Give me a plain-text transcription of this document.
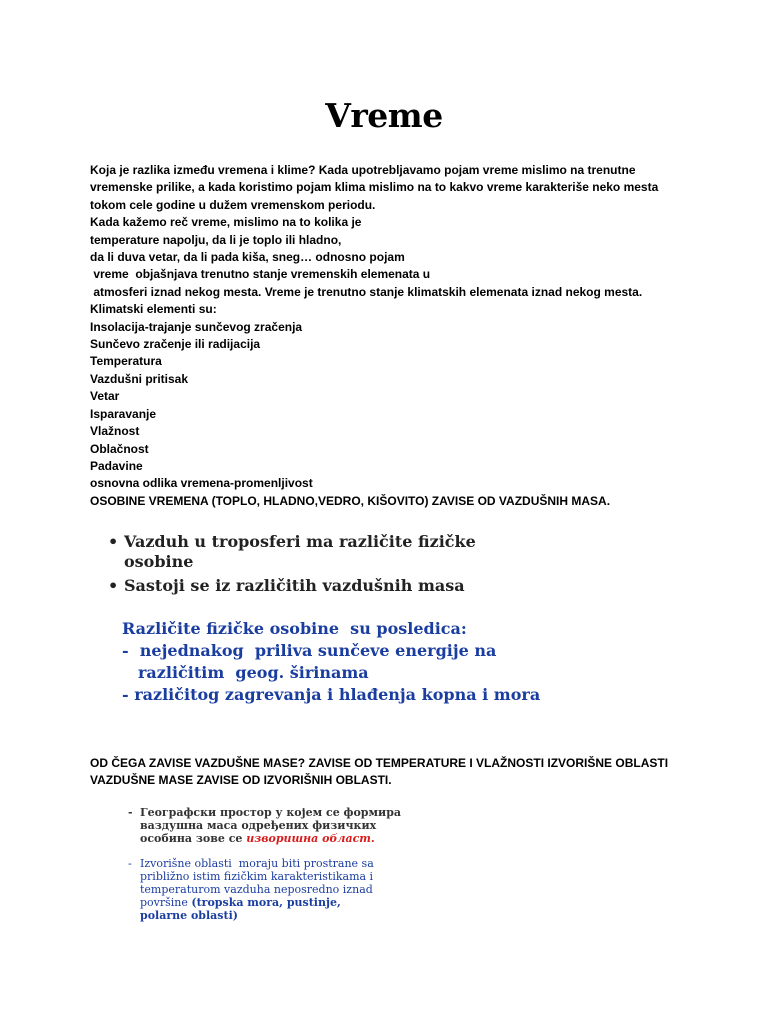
Vreme
Koja je razlika između vremena i klime? Kada upotrebljavamo pojam vreme mislimo na trenutne
vremenske prilike, a kada koristimo pojam klima mislimo na to kakvo vreme karakteriše neko mesta
tokom cele godine u dužem vremenskom periodu.
Kada kažemo reč vreme, mislimo na to kolika je
temperature napolju, da li je toplo ili hladno,
da li duva vetar, da li pada kiša, sneg… odnosno pojam
vreme  objašnjava trenutno stanje vremenskih elemenata u
atmosferi iznad nekog mesta. Vreme je trenutno stanje klimatskih elemenata iznad nekog mesta.
Klimatski elementi su:
Insolacija-trajanje sunčevog zračenja
Sunčevo zračenje ili radijacija
Temperatura
Vazdušni pritisak
Vetar
Isparavanje
Vlažnost
Oblačnost
Padavine
osnovna odlika vremena-promenljivost
OSOBINE VREMENA (TOPLO, HLADNO,VEDRO, KIŠOVITO) ZAVISE OD VAZDUŠNIH MASA.
• Vazduh u troposferi ma različite fizičke
osobine
• Sastoji se iz različitih vazdušnih masa
Različite fizičke osobine  su posledica:
-  nejednakog  priliva sunčeve energije na
različitim  geog. širinama
- različitog zagrevanja i hlađenja kopna i mora
OD ČEGA ZAVISE VAZDUŠNE MASE? ZAVISE OD TEMPERATURE I VLAŽNOSTI IZVORIŠNE OBLASTI
VAZDUŠNE MASE ZAVISE OD IZVORIŠNIH OBLASTI.
- Географски простор у којем се формира
ваздушна маса одређених физичких
особина зове се изворишна област.
- Izvorišne oblasti  moraju biti prostrane sa
približno istim fizičkim karakteristikama i
temperaturom vazduha neposredno iznad
površine (tropska mora, pustinje,
polarne oblasti)
